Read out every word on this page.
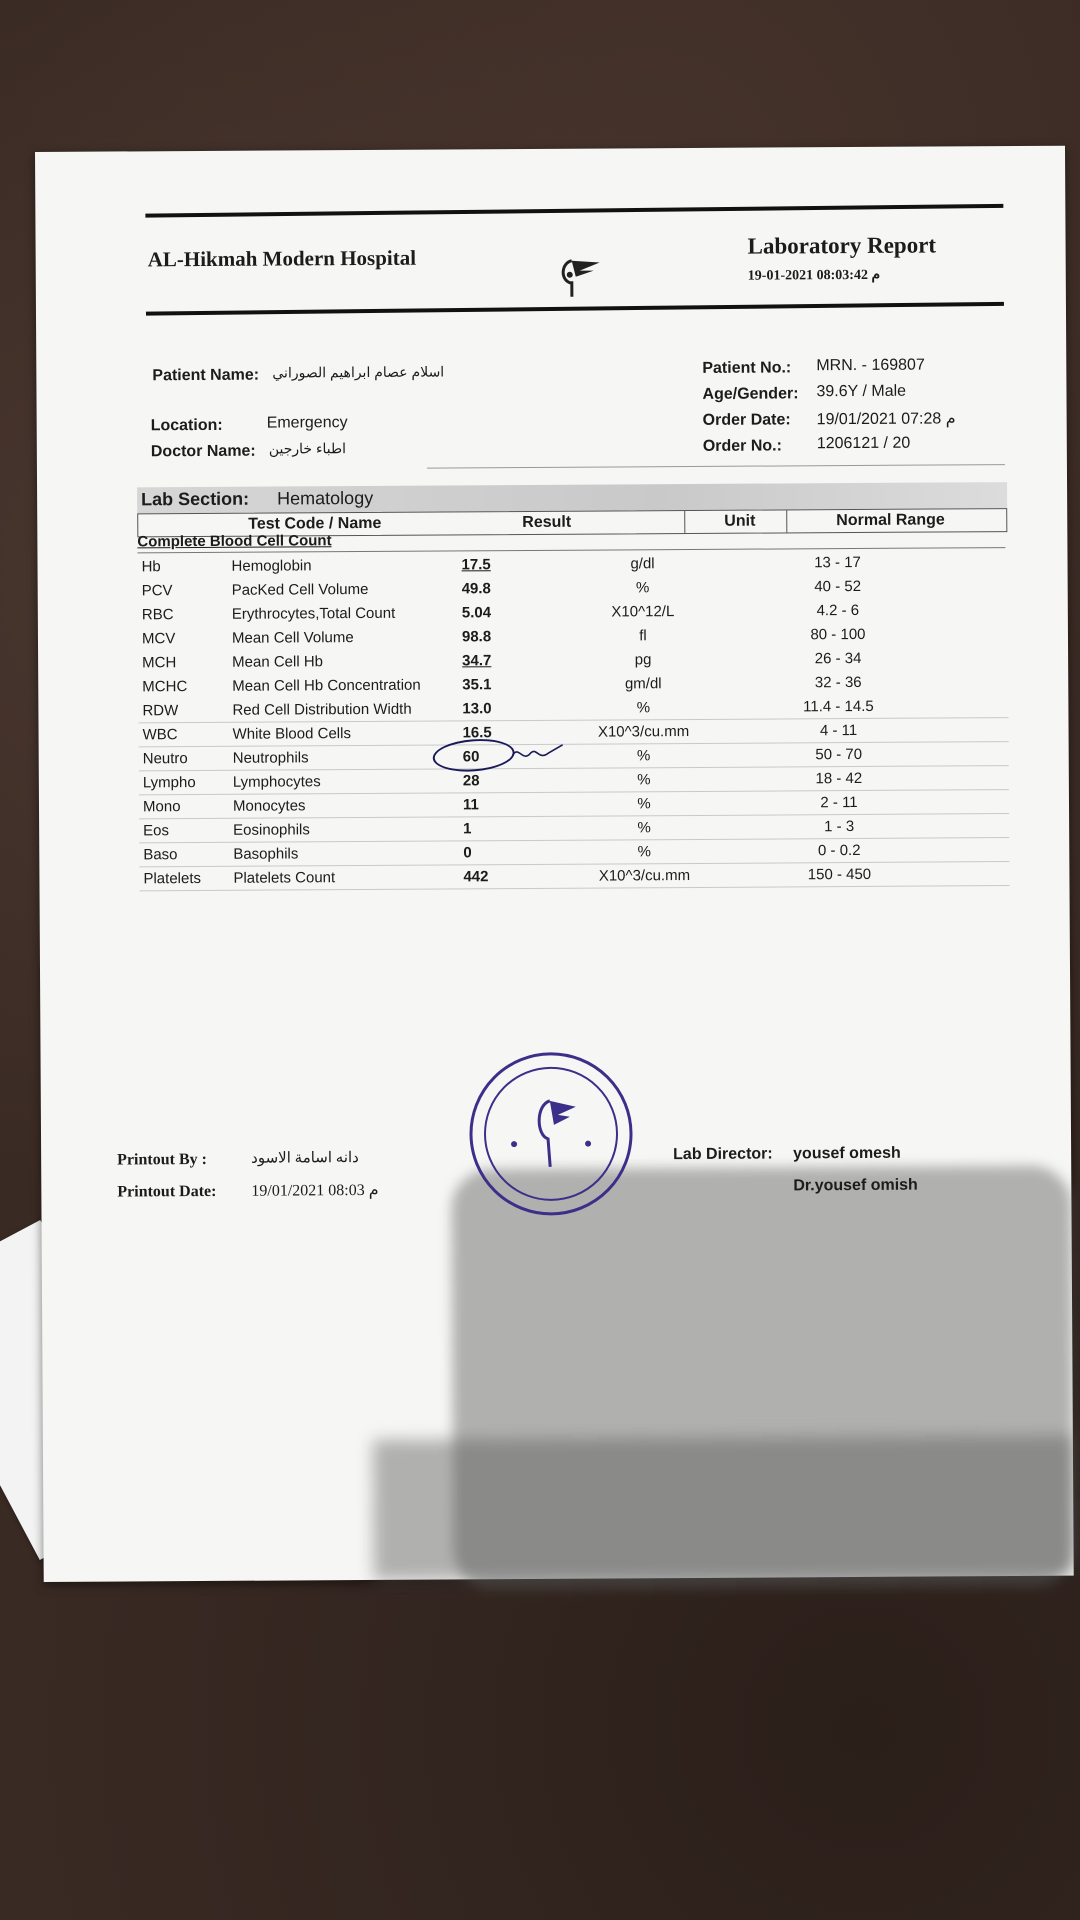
AL-Hikmah Modern Hospital	Laboratory Report
19-01-2021 08:03:42 م
Patient Name: اسلام عصام ابراهيم الصوراني
Location:	Emergency
Doctor Name: اطباء خارجين
Patient No.: MRN. - 169807
Age/Gender: 39.6Y / Male
Order Date: 19/01/2021 07:28 م
Order No.: 1206121 / 20
Lab Section: Hematology
Test Code / Name	Result	Unit	Normal Range
Complete Blood Cell Count
Hb	Hemoglobin	17.5	g/dl	13 - 17
PCV	PacKed Cell Volume	49.8	%	40 - 52
RBC	Erythrocytes,Total Count	5.04	X10^12/L	4.2 - 6
MCV	Mean Cell Volume	98.8	fl	80 - 100
MCH	Mean Cell Hb	34.7	pg	26 - 34
MCHC	Mean Cell Hb Concentration	35.1	gm/dl	32 - 36
RDW	Red Cell Distribution Width	13.0	%	11.4 - 14.5
WBC	White Blood Cells	16.5	X10^3/cu.mm	4 - 11
Neutro	Neutrophils	60	%	50 - 70
Lympho Lymphocytes	28	%	18 - 42
Mono	Monocytes	11	%	2 - 11
Eos	Eosinophils	1	%	1 - 3
Baso	Basophils	0	%	0 - 0.2
Platelets Platelets Count	442	X10^3/cu.mm	150 - 450
Printout By :	دانه اسامة الاسود
Printout Date: 19/01/2021 08:03 م
Lab Director: yousef omesh
Dr.yousef omish
